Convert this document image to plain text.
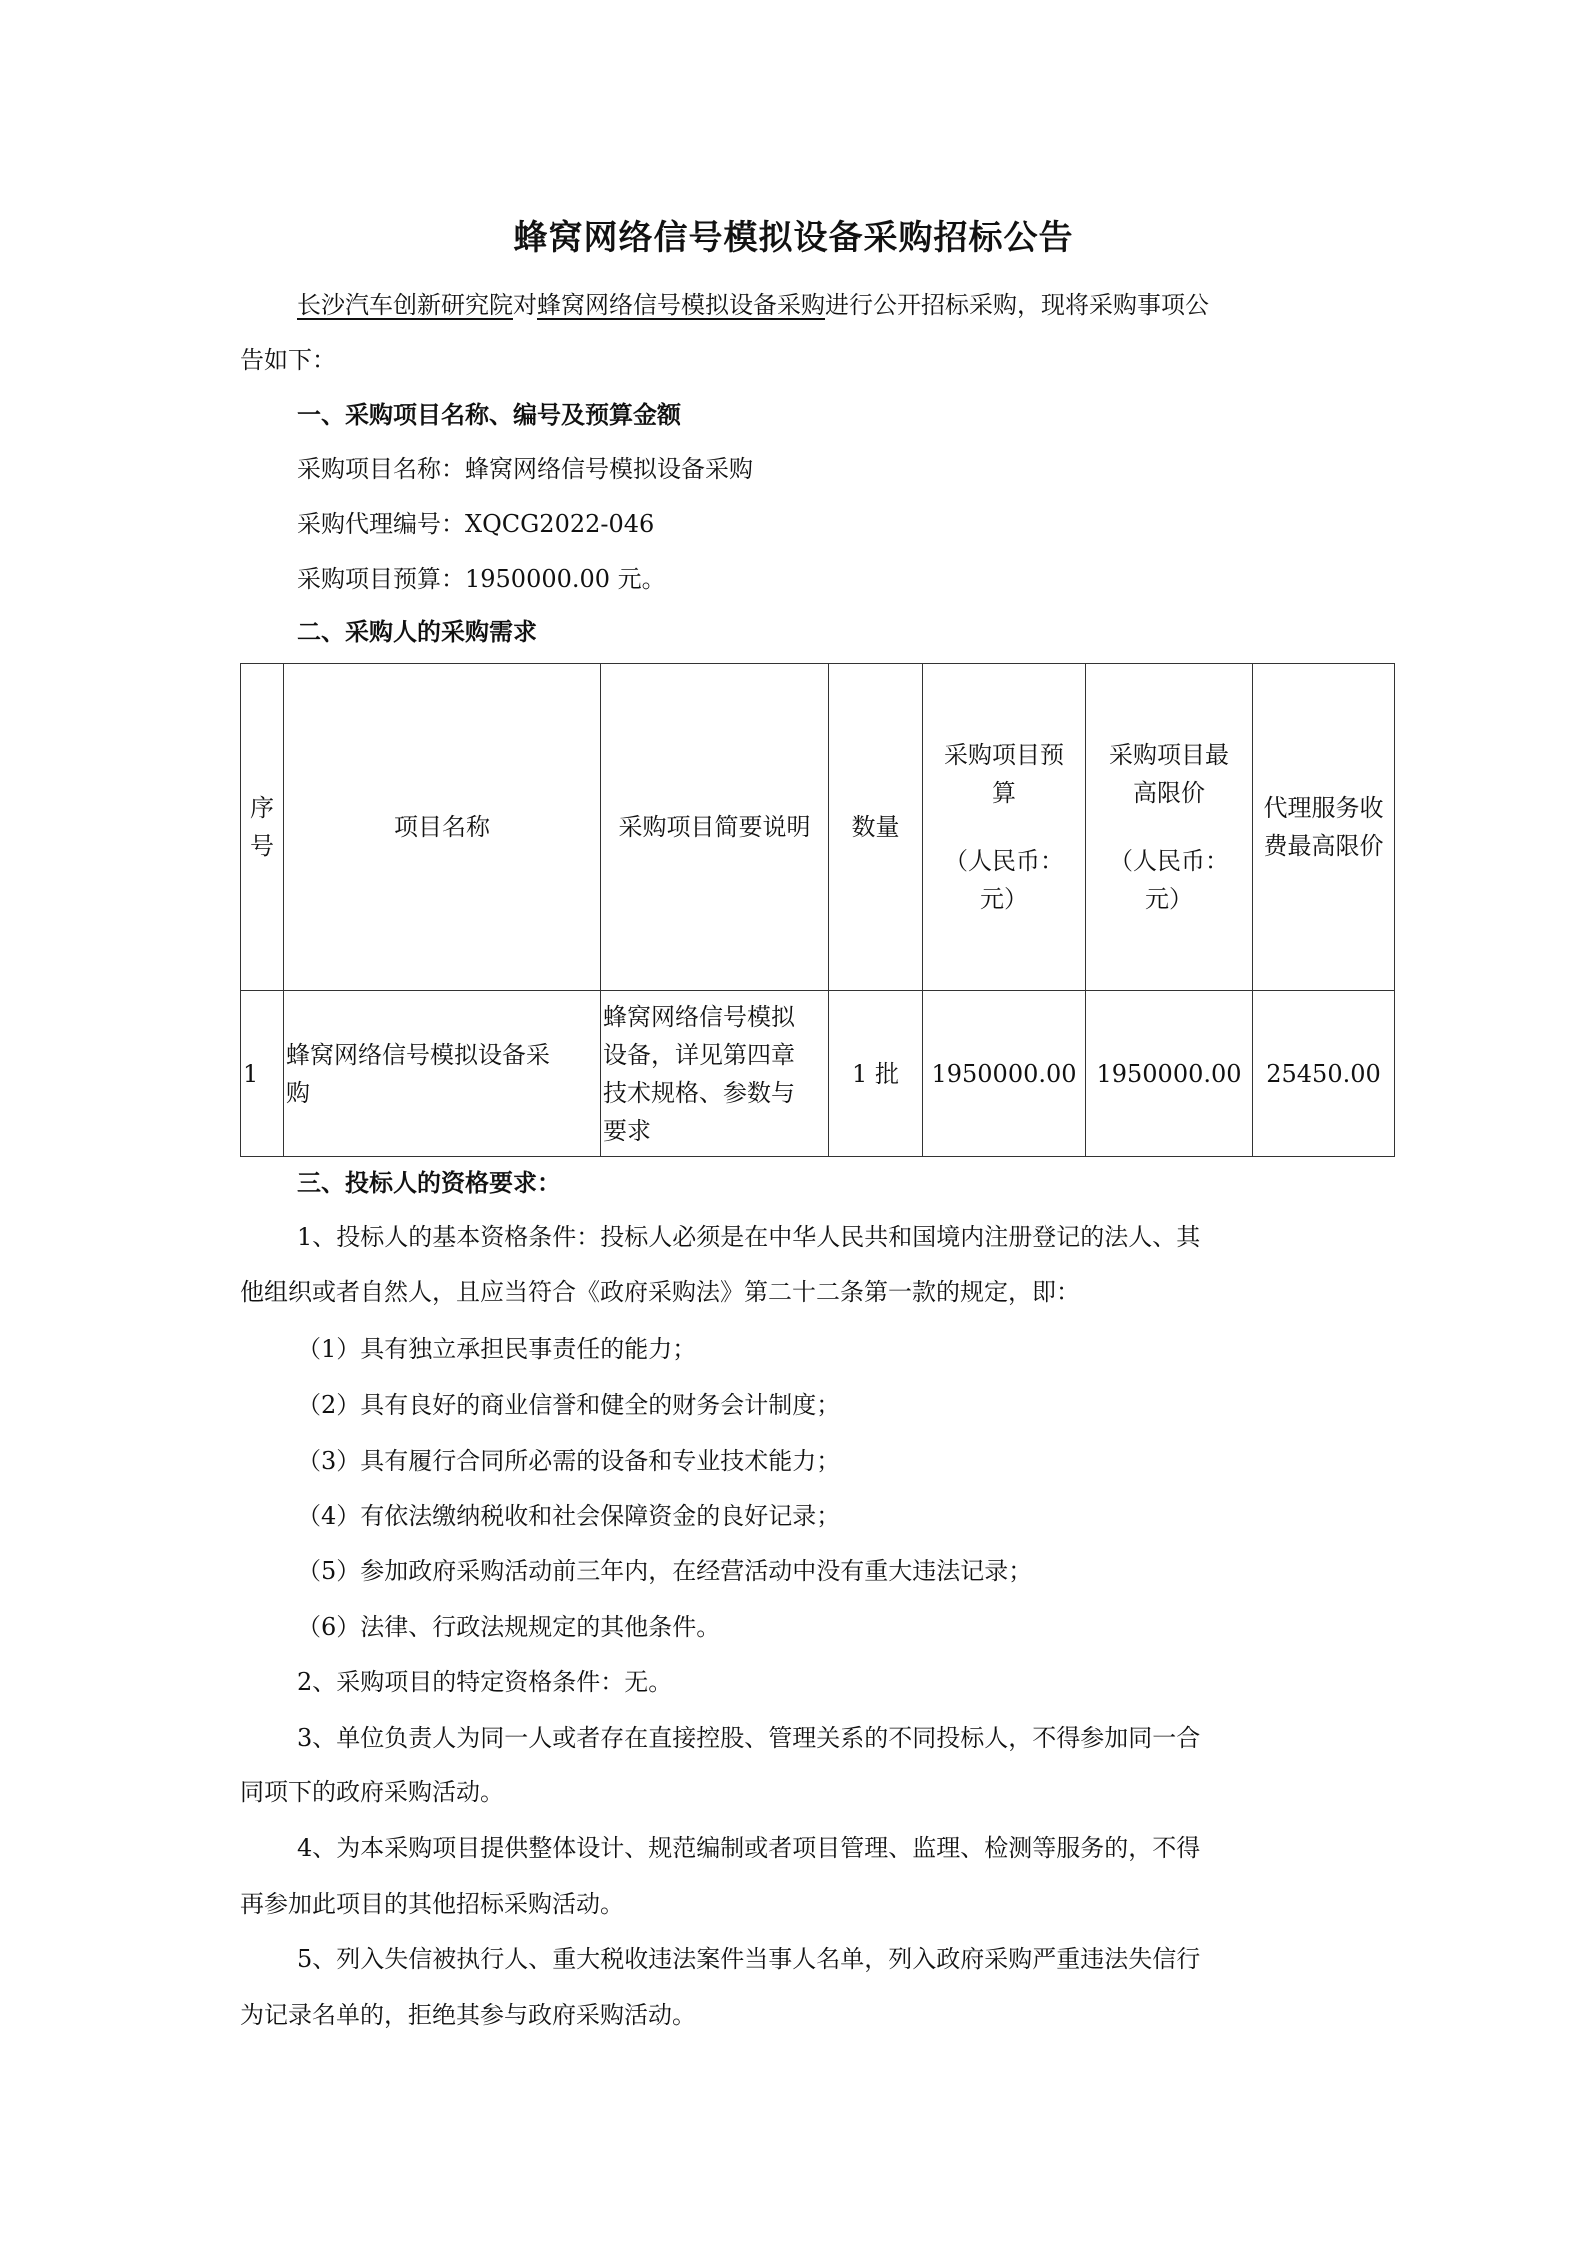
蜂窝网络信号模拟设备采购招标公告
长沙汽车创新研究院对蜂窝网络信号模拟设备采购进行公开招标采购，现将采购事项公
告如下：
一、采购项目名称、编号及预算金额
采购项目名称：蜂窝网络信号模拟设备采购
采购代理编号：XQCG2022-046
采购项目预算：1950000.00 元。
二、采购人的采购需求
序
号	项目名称	采购项目简要说明	数量	采购项目预
算
（人民币：
元）	采购项目最
高限价
（人民币：
元）	代理服务收
费最高限价
1	蜂窝网络信号模拟设备采
购	蜂窝网络信号模拟
设备，详见第四章
技术规格、参数与
要求	1 批	1950000.00	1950000.00	25450.00
三、投标人的资格要求：
1、投标人的基本资格条件：投标人必须是在中华人民共和国境内注册登记的法人、其
他组织或者自然人，且应当符合《政府采购法》第二十二条第一款的规定，即：
（1）具有独立承担民事责任的能力；
（2）具有良好的商业信誉和健全的财务会计制度；
（3）具有履行合同所必需的设备和专业技术能力；
（4）有依法缴纳税收和社会保障资金的良好记录；
（5）参加政府采购活动前三年内，在经营活动中没有重大违法记录；
（6）法律、行政法规规定的其他条件。
2、采购项目的特定资格条件：无。
3、单位负责人为同一人或者存在直接控股、管理关系的不同投标人，不得参加同一合
同项下的政府采购活动。
4、为本采购项目提供整体设计、规范编制或者项目管理、监理、检测等服务的，不得
再参加此项目的其他招标采购活动。
5、列入失信被执行人、重大税收违法案件当事人名单，列入政府采购严重违法失信行
为记录名单的，拒绝其参与政府采购活动。
